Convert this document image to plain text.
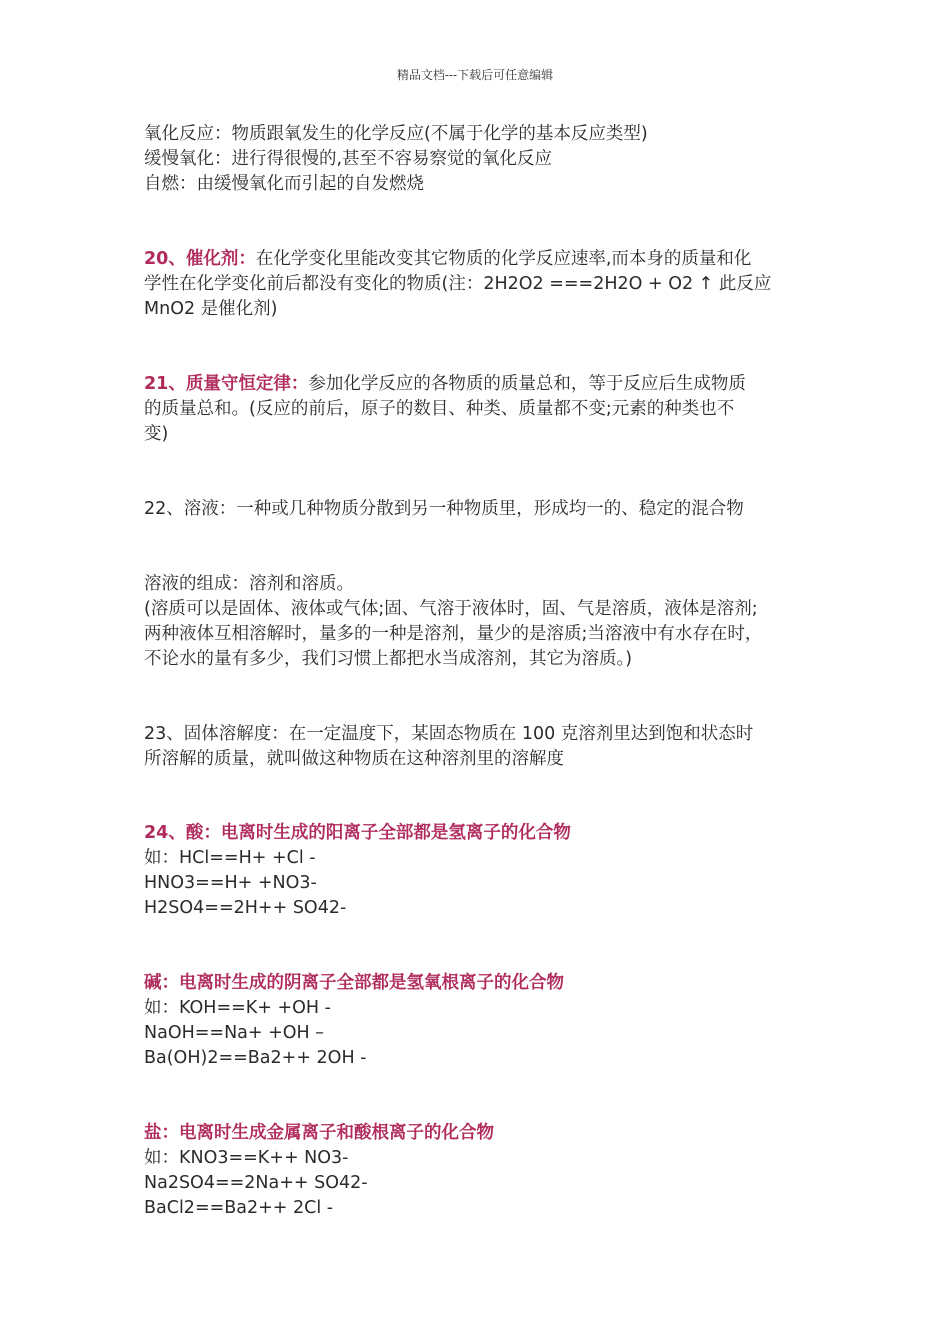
精品文档---下载后可任意编辑
氧化反应：物质跟氧发生的化学反应(不属于化学的基本反应类型)
缓慢氧化：进行得很慢的,甚至不容易察觉的氧化反应
自燃：由缓慢氧化而引起的自发燃烧
20、催化剂：在化学变化里能改变其它物质的化学反应速率,而本身的质量和化
学性在化学变化前后都没有变化的物质(注：2H2O2 ===2H2O + O2 ↑ 此反应
MnO2 是催化剂)
21、质量守恒定律：参加化学反应的各物质的质量总和，等于反应后生成物质
的质量总和。(反应的前后，原子的数目、种类、质量都不变;元素的种类也不
变)
22、溶液：一种或几种物质分散到另一种物质里，形成均一的、稳定的混合物
溶液的组成：溶剂和溶质。
(溶质可以是固体、液体或气体;固、气溶于液体时，固、气是溶质，液体是溶剂;
两种液体互相溶解时，量多的一种是溶剂，量少的是溶质;当溶液中有水存在时，
不论水的量有多少，我们习惯上都把水当成溶剂，其它为溶质。)
23、固体溶解度：在一定温度下，某固态物质在 100 克溶剂里达到饱和状态时
所溶解的质量，就叫做这种物质在这种溶剂里的溶解度
24、酸：电离时生成的阳离子全部都是氢离子的化合物
如：HCl==H+ +Cl -
HNO3==H+ +NO3-
H2SO4==2H++ SO42-
碱：电离时生成的阴离子全部都是氢氧根离子的化合物
如：KOH==K+ +OH -
NaOH==Na+ +OH –
Ba(OH)2==Ba2++ 2OH -
盐：电离时生成金属离子和酸根离子的化合物
如：KNO3==K++ NO3-
Na2SO4==2Na++ SO42-
BaCl2==Ba2++ 2Cl -
